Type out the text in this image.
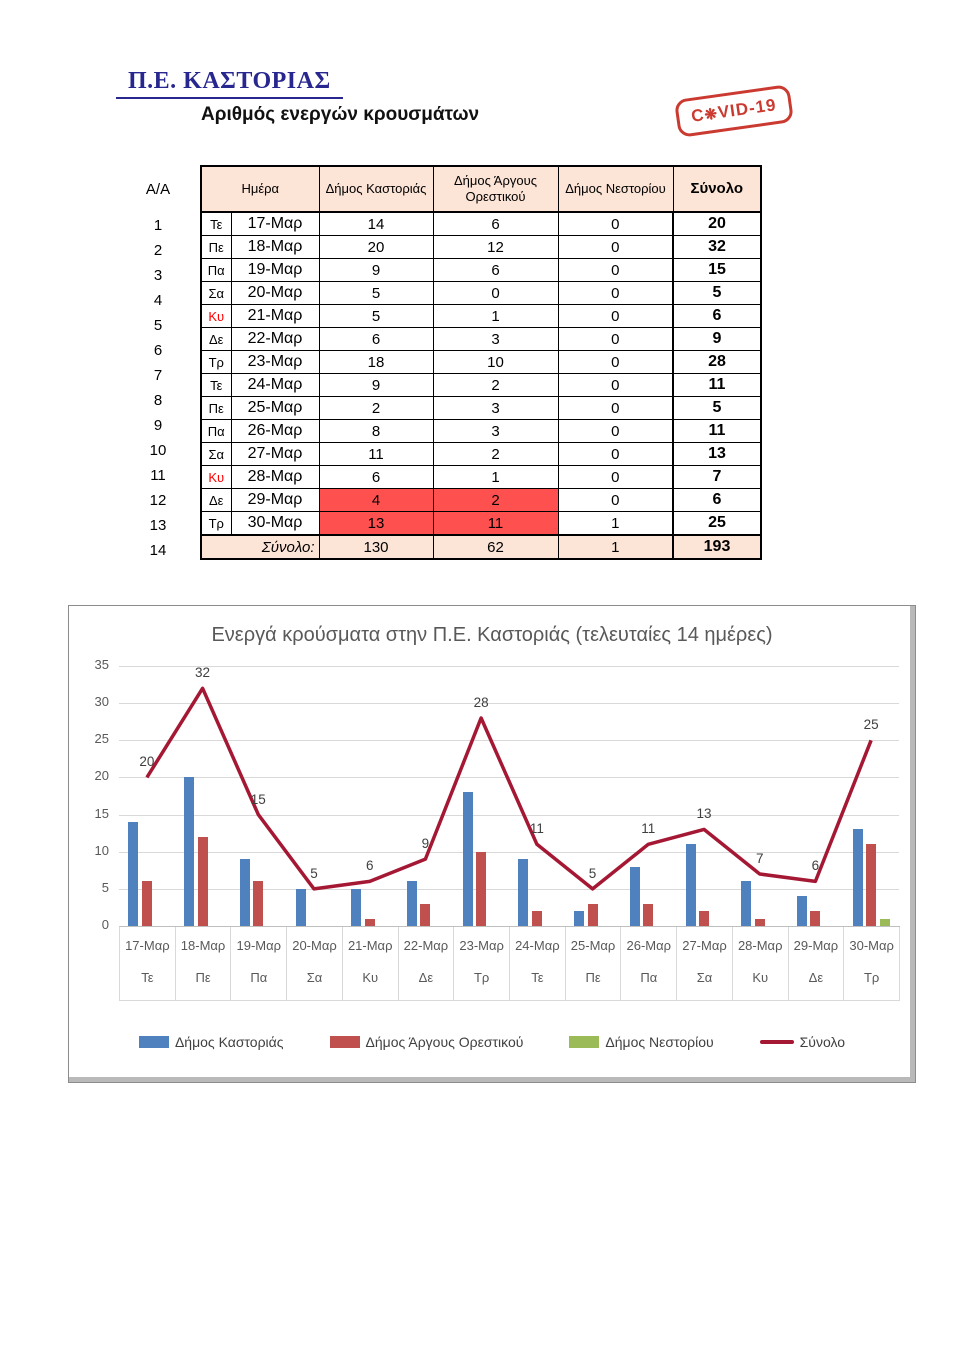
Π.Ε. ΚΑΣΤΟΡΙΑΣ
Αριθμός ενεργών κρουσμάτων	C❋VID-19
Α/Α
1
2
3
4
5
6
7
8
9
10
11
12
13
14

Ημέρα		Δήμος Καστοριάς	Δήμος Άργους Ορεστικού	Δήμος Νεστορίου	Σύνολο
Τε	17-Μαρ	14	6	0	20
Πε	18-Μαρ	20	12	0	32
Πα	19-Μαρ	9	6	0	15
Σα	20-Μαρ	5	0	0	5
Κυ	21-Μαρ	5	1	0	6
Δε	22-Μαρ	6	3	0	9
Τρ	23-Μαρ	18	10	0	28
Τε	24-Μαρ	9	2	0	11
Πε	25-Μαρ	2	3	0	5
Πα	26-Μαρ	8	3	0	11
Σα	27-Μαρ	11	2	0	13
Κυ	28-Μαρ	6	1	0	7
Δε	29-Μαρ	4	2	0	6
Τρ	30-Μαρ	13	11	1	25
Σύνολο:		130	62	1	193
Ενεργά κρούσματα στην Π.Ε. Καστοριάς (τελευταίες 14 ημέρες)
0
5
10
15
20
25
30
35
20
32
15
5	6
9
28
11
5
11
13
7	6
25
17-Μαρ
Τε
18-Μαρ
Πε
19-Μαρ
Πα
20-Μαρ
Σα
21-Μαρ
Κυ
22-Μαρ
Δε
23-Μαρ
Τρ
24-Μαρ
Τε
25-Μαρ
Πε
26-Μαρ
Πα
27-Μαρ
Σα
28-Μαρ
Κυ
29-Μαρ
Δε
30-Μαρ
Τρ
Δήμος Καστοριάς	Δήμος Άργους Ορεστικού	Δήμος Νεστορίου	Σύνολο
